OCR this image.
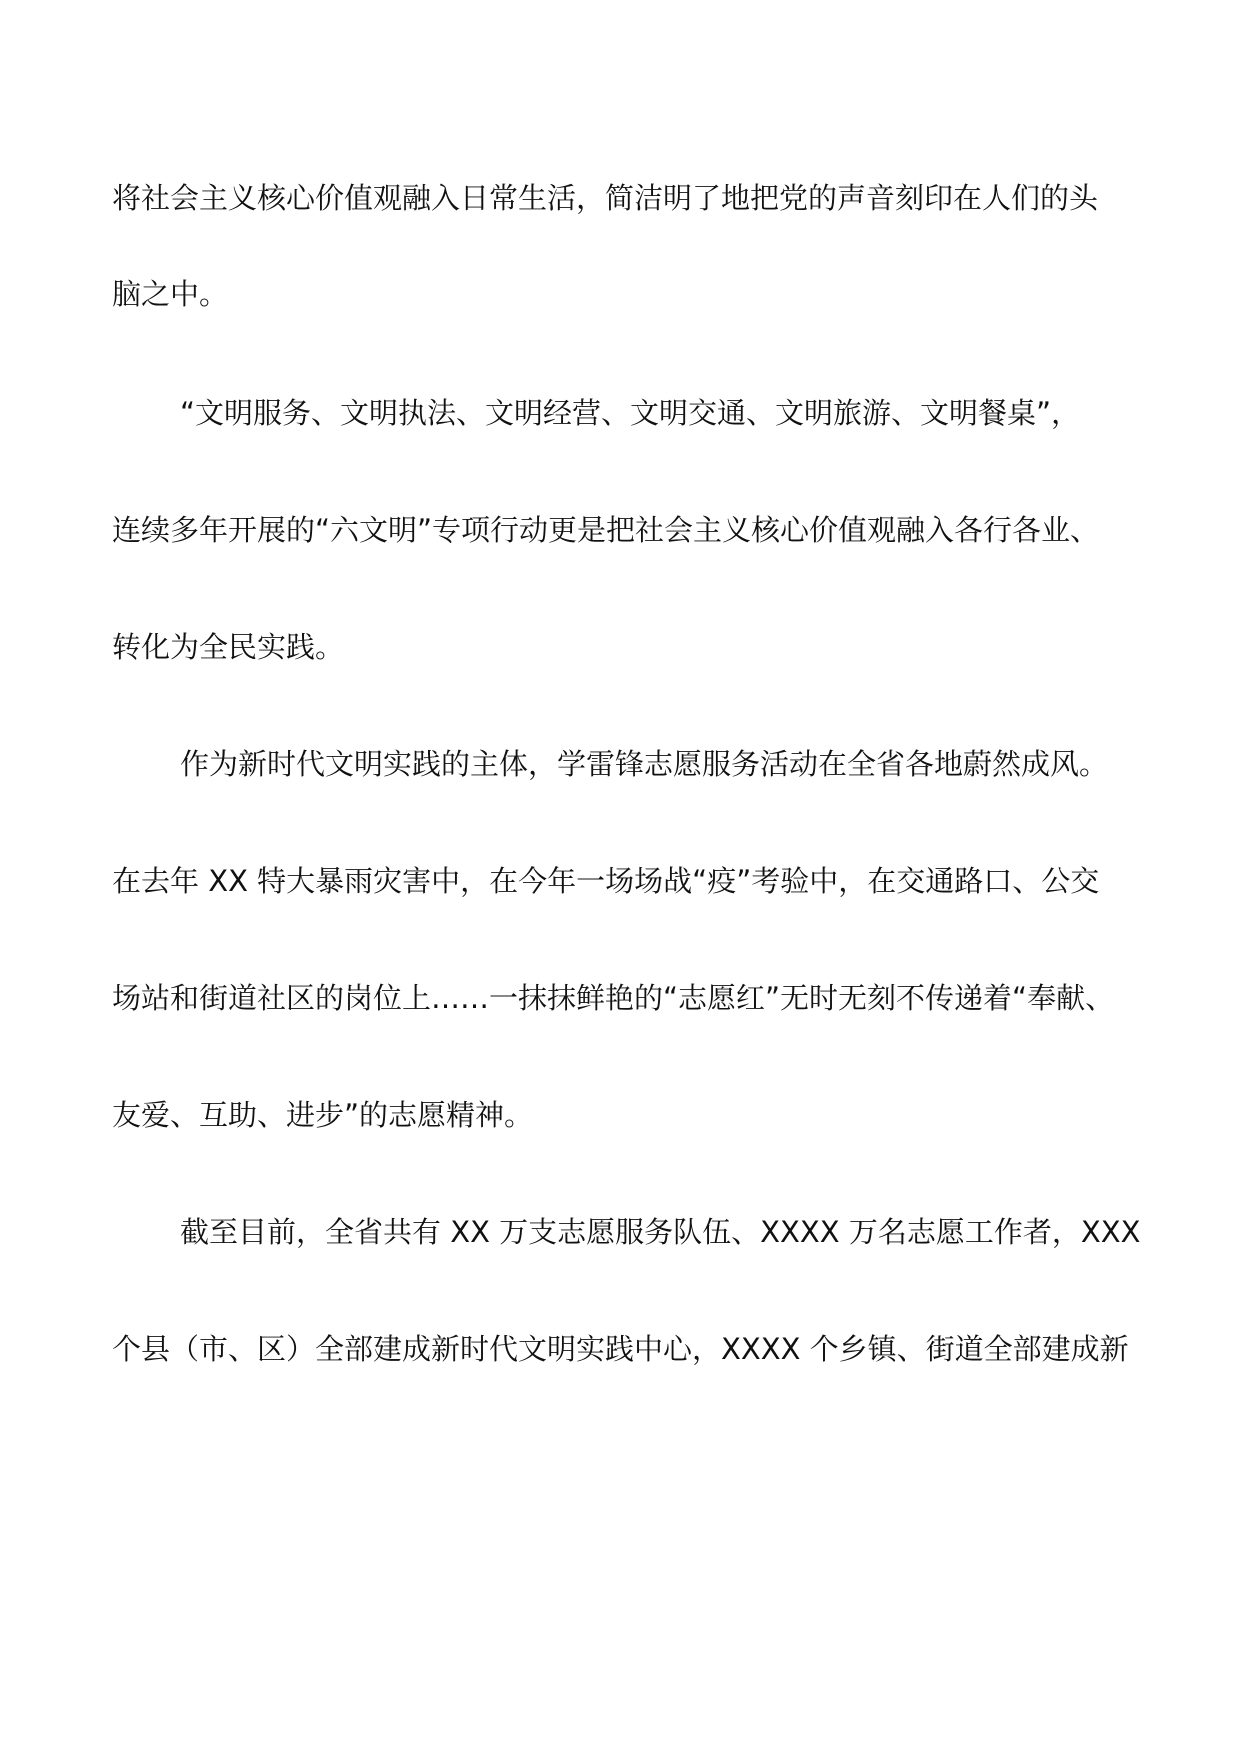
将社会主义核心价值观融入日常生活，简洁明了地把党的声音刻印在人们的头
脑之中。
“文明服务、文明执法、文明经营、文明交通、文明旅游、文明餐桌”，
连续多年开展的“六文明”专项行动更是把社会主义核心价值观融入各行各业、
转化为全民实践。
作为新时代文明实践的主体，学雷锋志愿服务活动在全省各地蔚然成风。
在去年 XX 特大暴雨灾害中，在今年一场场战“疫”考验中，在交通路口、公交
场站和街道社区的岗位上……一抹抹鲜艳的“志愿红”无时无刻不传递着“奉献、
友爱、互助、进步”的志愿精神。
截至目前，全省共有 XX 万支志愿服务队伍、XXXX 万名志愿工作者，XXX
个县（市、区）全部建成新时代文明实践中心，XXXX 个乡镇、街道全部建成新
